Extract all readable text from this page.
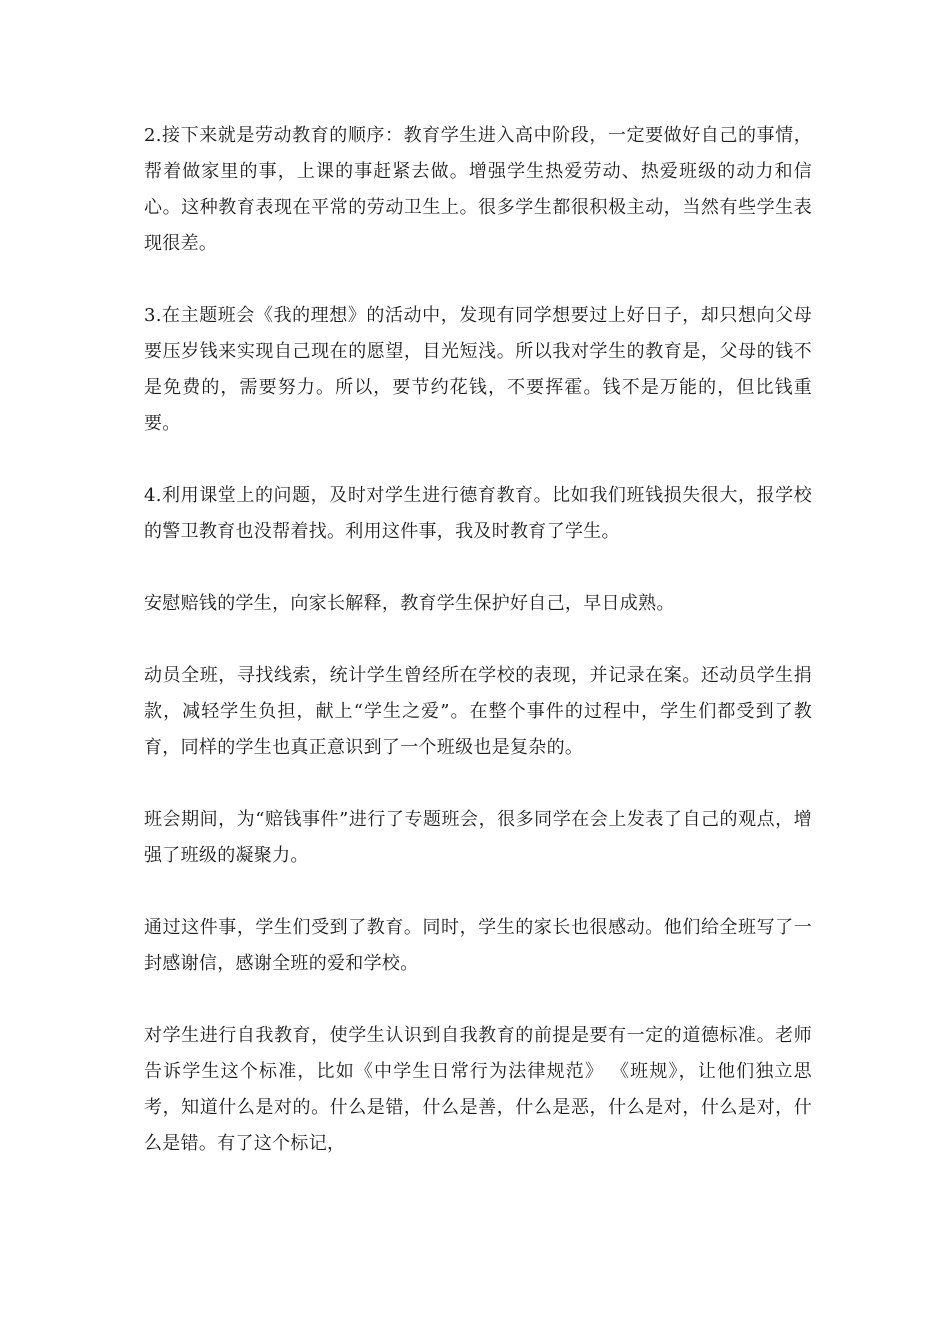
2.接下来就是劳动教育的顺序：教育学生进入高中阶段，一定要做好自己的事情，帮着做家里的事，上课的事赶紧去做。增强学生热爱劳动、热爱班级的动力和信心。这种教育表现在平常的劳动卫生上。很多学生都很积极主动，当然有些学生表现很差。

3.在主题班会《我的理想》的活动中，发现有同学想要过上好日子，却只想向父母要压岁钱来实现自己现在的愿望，目光短浅。所以我对学生的教育是，父母的钱不是免费的，需要努力。所以，要节约花钱，不要挥霍。钱不是万能的，但比钱重要。

4.利用课堂上的问题，及时对学生进行德育教育。比如我们班钱损失很大，报学校的警卫教育也没帮着找。利用这件事，我及时教育了学生。

安慰赔钱的学生，向家长解释，教育学生保护好自己，早日成熟。

动员全班，寻找线索，统计学生曾经所在学校的表现，并记录在案。还动员学生捐款，减轻学生负担，献上“学生之爱”。在整个事件的过程中，学生们都受到了教育，同样的学生也真正意识到了一个班级也是复杂的。

班会期间，为“赔钱事件”进行了专题班会，很多同学在会上发表了自己的观点，增强了班级的凝聚力。

通过这件事，学生们受到了教育。同时，学生的家长也很感动。他们给全班写了一封感谢信，感谢全班的爱和学校。

对学生进行自我教育，使学生认识到自我教育的前提是要有一定的道德标准。老师告诉学生这个标准，比如《中学生日常行为法律规范》 《班规》，让他们独立思考，知道什么是对的。什么是错，什么是善，什么是恶，什么是对，什么是对，什么是错。有了这个标记，
